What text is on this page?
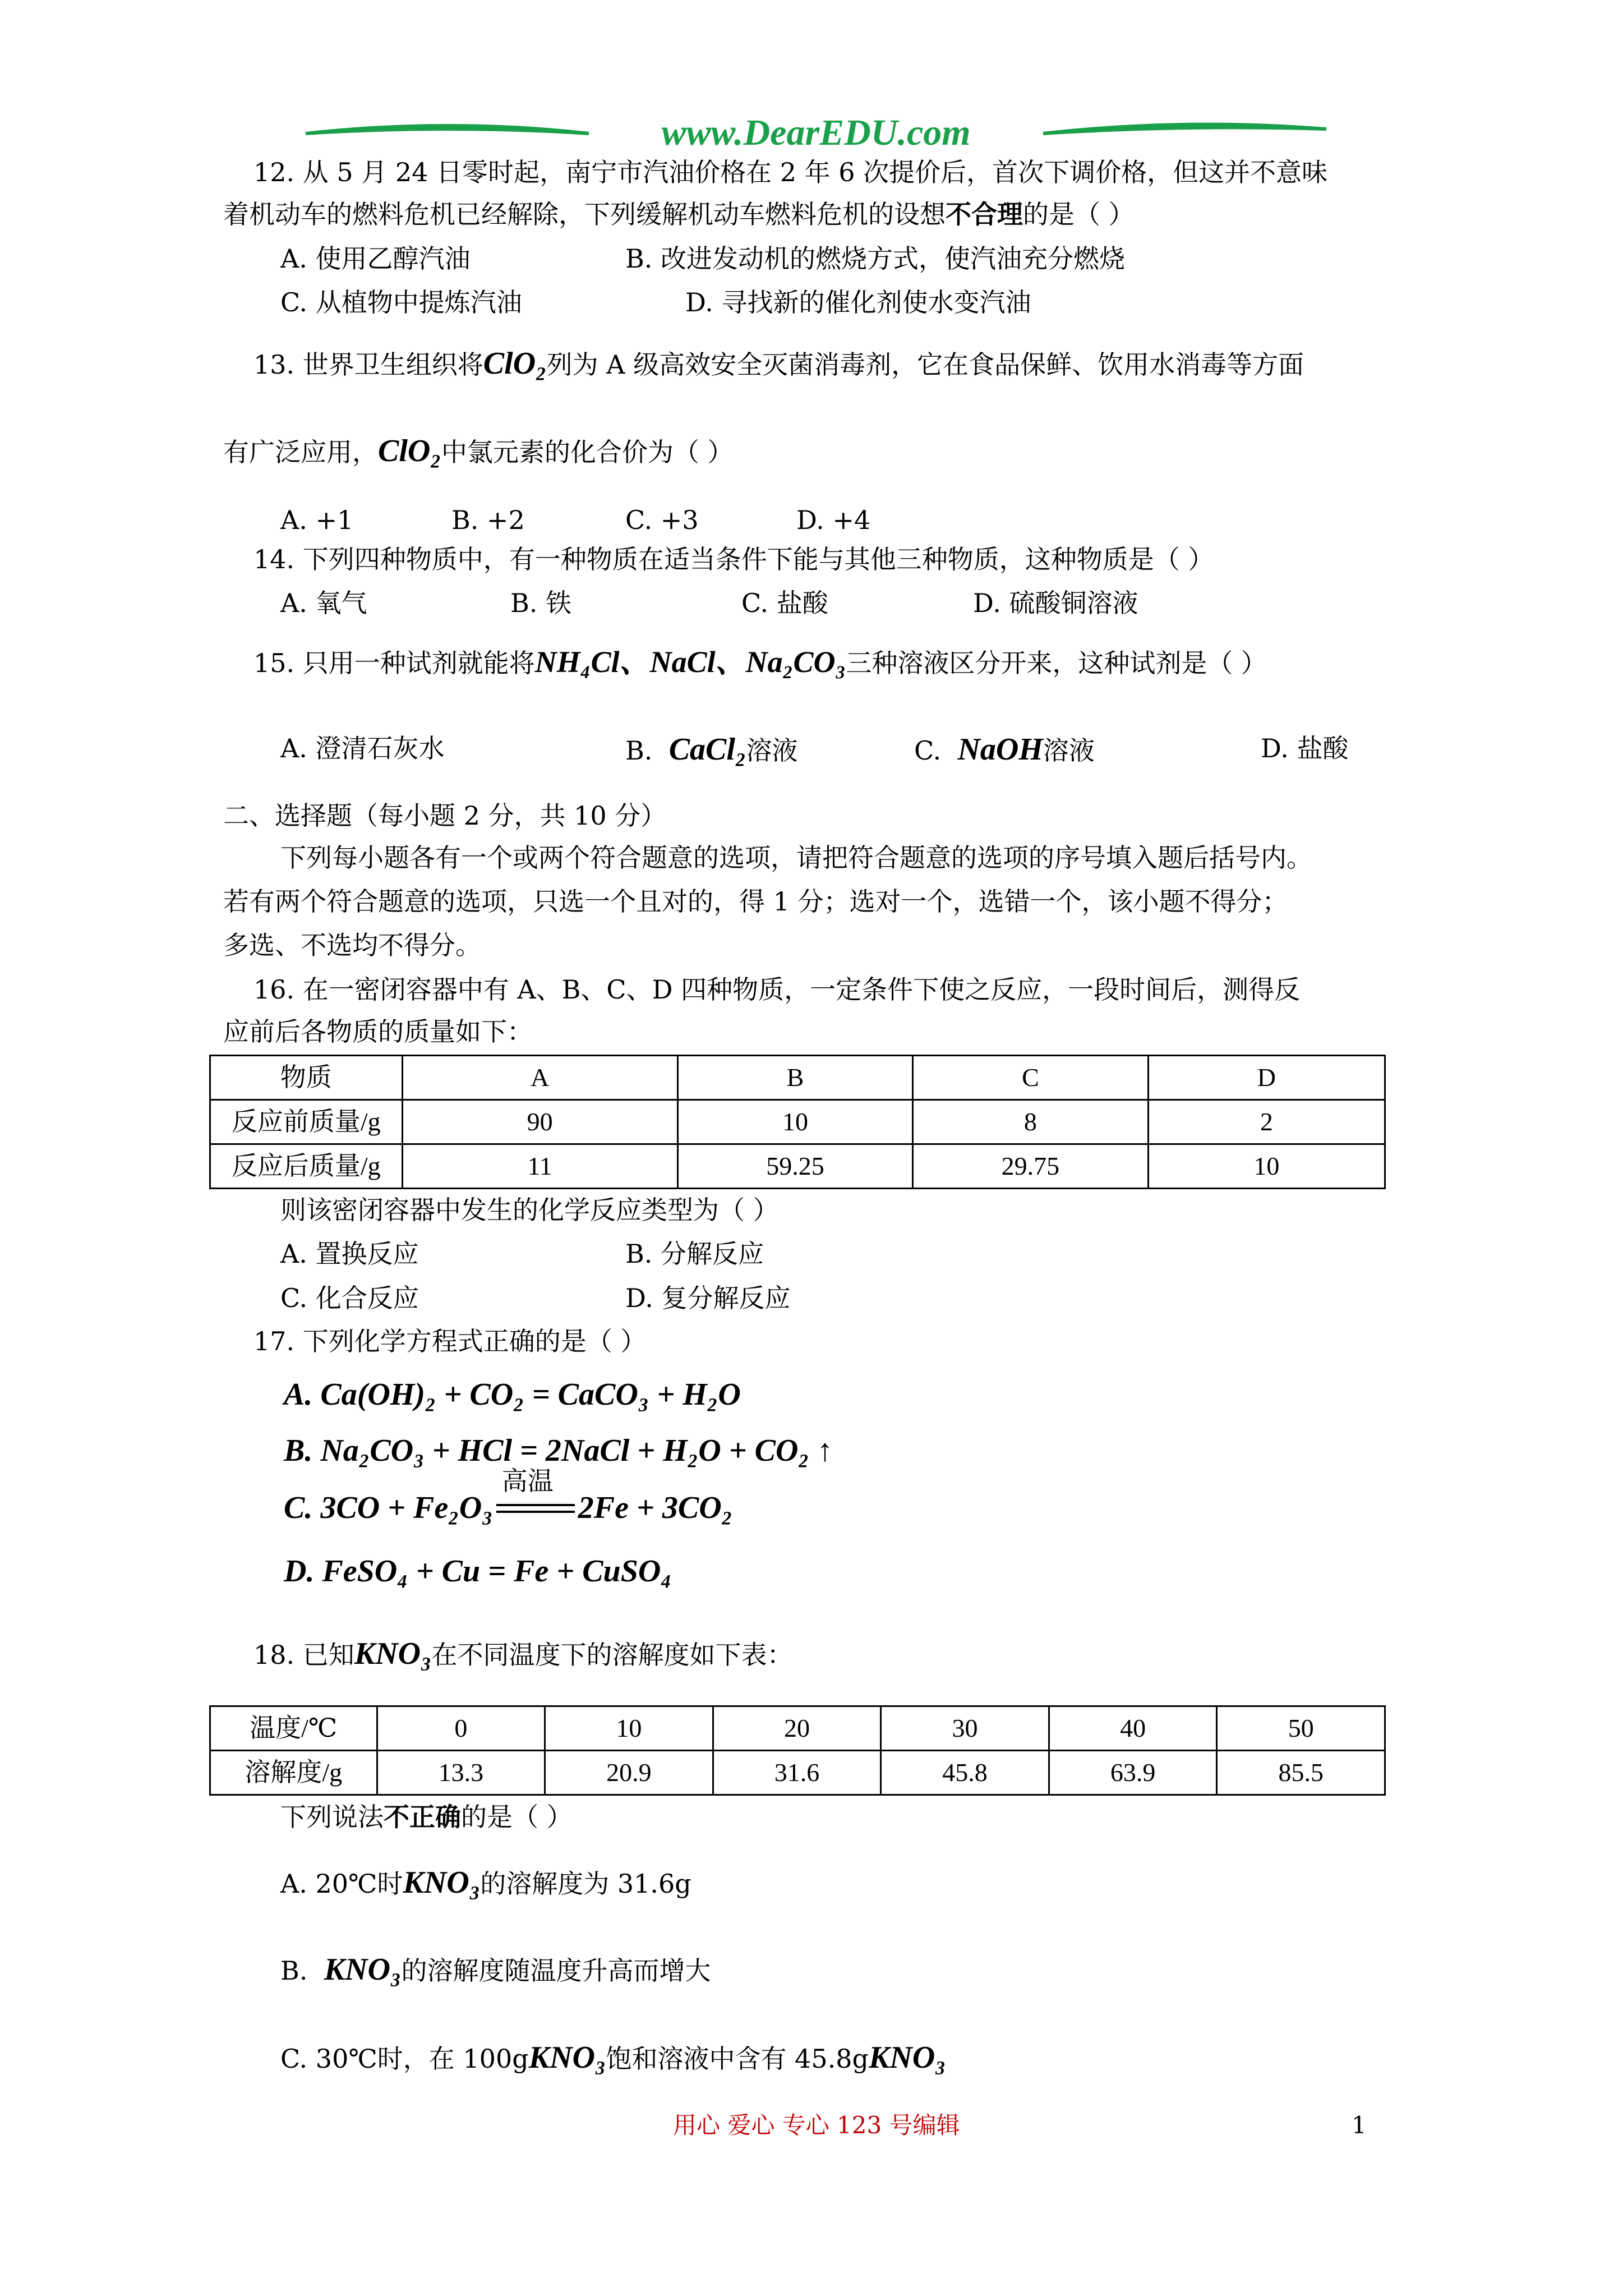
www.DearEDU.com
12. 从 5 月 24 日零时起，南宁市汽油价格在 2 年 6 次提价后，首次下调价格，但这并不意味
着机动车的燃料危机已经解除，下列缓解机动车燃料危机的设想不合理的是（ ）
A. 使用乙醇汽油	B. 改进发动机的燃烧方式，使汽油充分燃烧
C. 从植物中提炼汽油	D. 寻找新的催化剂使水变汽油
13. 世界卫生组织将ClO₂列为 A 级高效安全灭菌消毒剂，它在食品保鲜、饮用水消毒等方面
有广泛应用，ClO₂中氯元素的化合价为（ ）
A. +1	B. +2	C. +3	D. +4
14. 下列四种物质中，有一种物质在适当条件下能与其他三种物质，这种物质是（ ）
A. 氧气	B. 铁	C. 盐酸	D. 硫酸铜溶液
15. 只用一种试剂就能将NH₄Cl、NaCl、Na₂CO₃三种溶液区分开来，这种试剂是（ ）
A. 澄清石灰水	B. CaCl₂溶液	C. NaOH溶液	D. 盐酸
二、选择题（每小题 2 分，共 10 分）
下列每小题各有一个或两个符合题意的选项，请把符合题意的选项的序号填入题后括号内。
若有两个符合题意的选项，只选一个且对的，得 1 分；选对一个，选错一个，该小题不得分；
多选、不选均不得分。
16. 在一密闭容器中有 A、B、C、D 四种物质，一定条件下使之反应，一段时间后，测得反
应前后各物质的质量如下：
物质	A	B	C	D
反应前质量/g	90	10	8	2
反应后质量/g	11	59.25	29.75	10
则该密闭容器中发生的化学反应类型为（ ）
A. 置换反应	B. 分解反应
C. 化合反应	D. 复分解反应
17. 下列化学方程式正确的是（ ）
A. Ca(OH)₂ + CO₂ = CaCO₃ + H₂O
B. Na₂CO₃ + HCl = 2NaCl + H₂O + CO₂ ↑
C. 3CO + Fe₂O₃
高温
2Fe + 3CO₂
D. FeSO₄ + Cu = Fe + CuSO₄
18. 已知KNO₃在不同温度下的溶解度如下表：
温度/℃	0	10	20	30	40	50
溶解度/g	13.3	20.9	31.6	45.8	63.9	85.5
下列说法不正确的是（ ）
A. 20℃时KNO₃的溶解度为 31.6g
B. KNO₃的溶解度随温度升高而增大
C. 30℃时，在 100gKNO₃饱和溶液中含有 45.8gKNO₃
用心 爱心 专心 123 号编辑	1
